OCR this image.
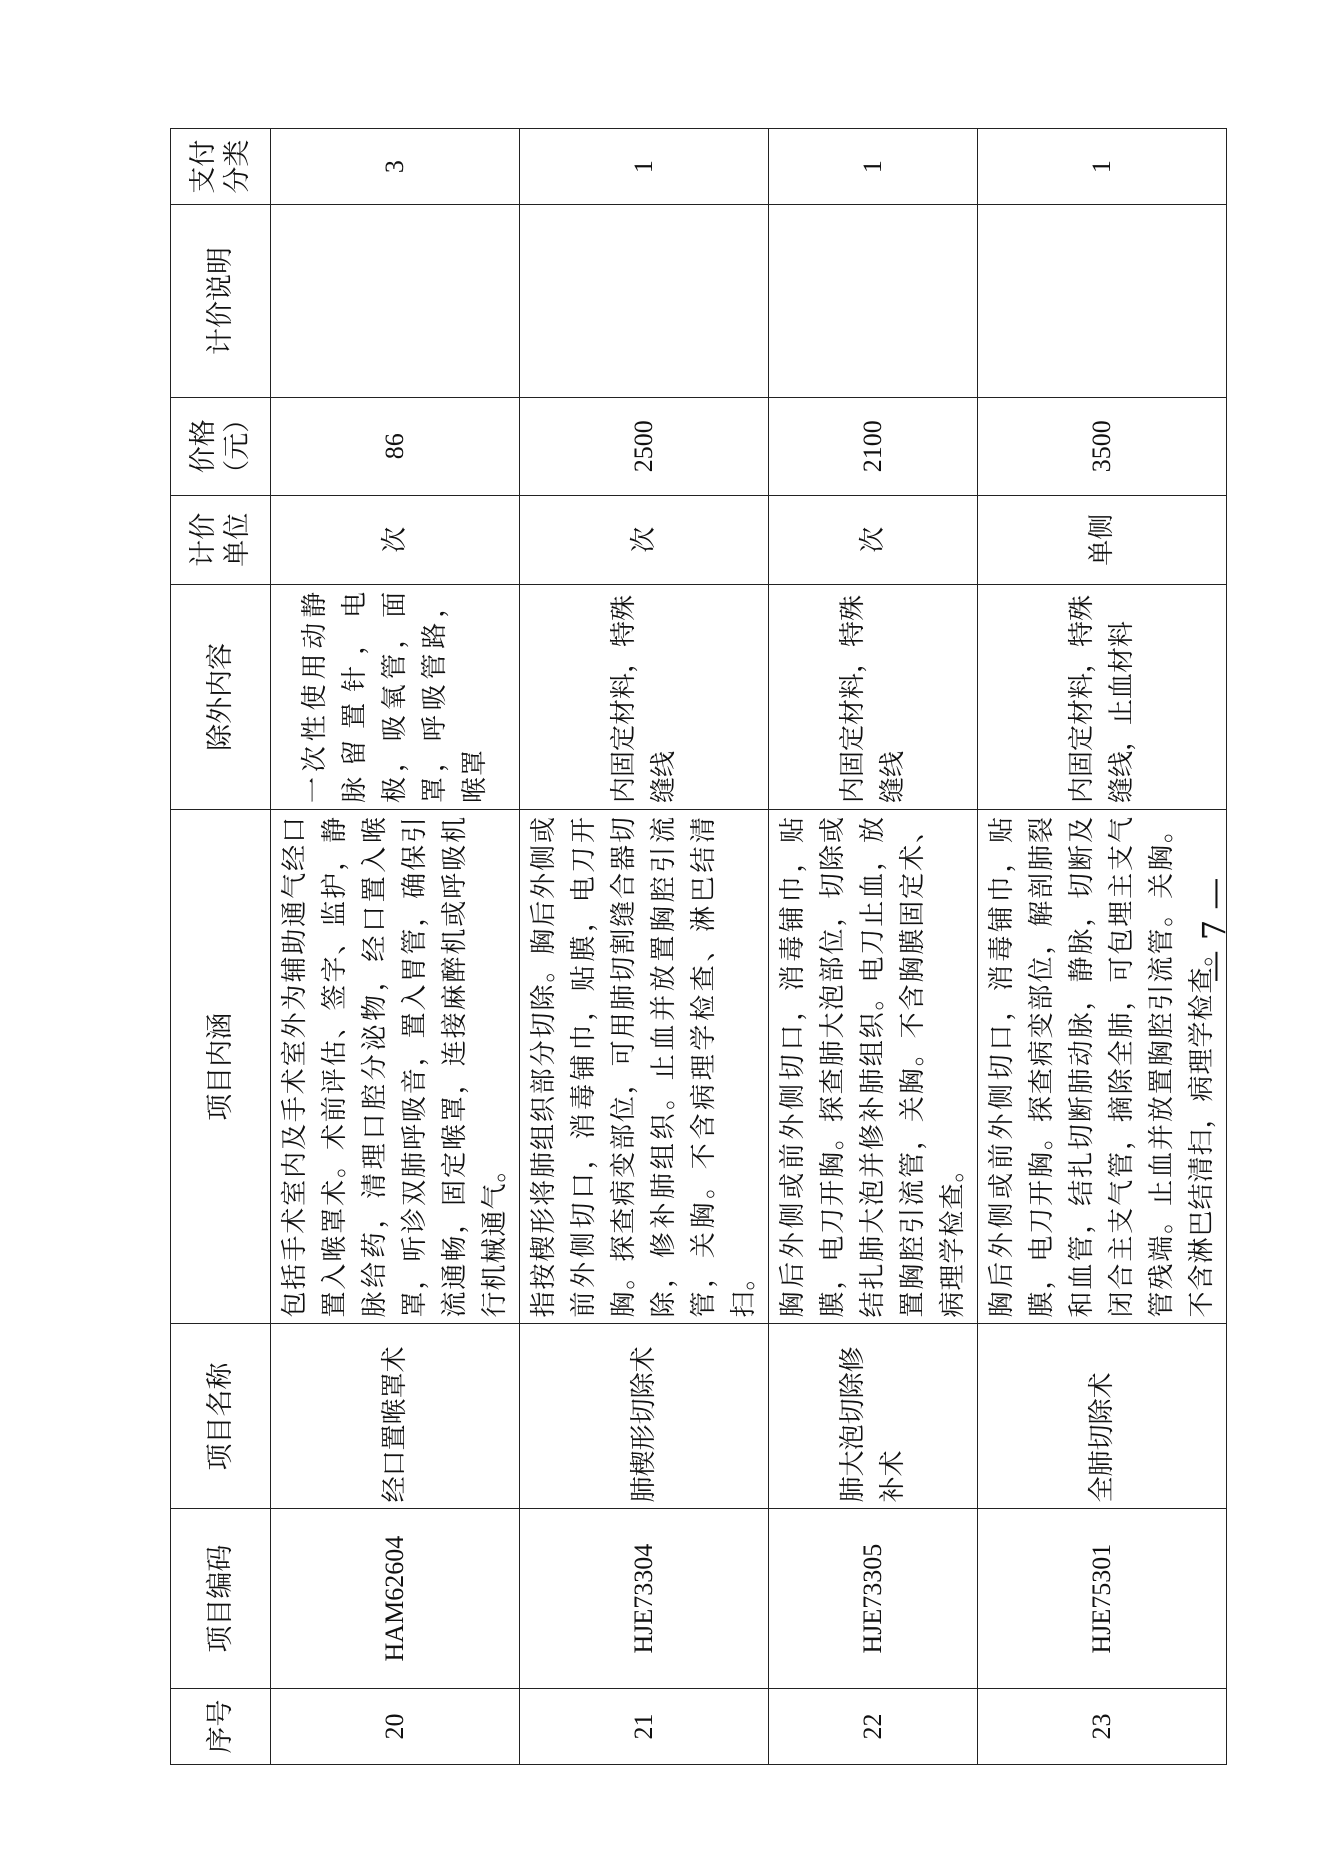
序号	项目编码	项目名称	项目内涵	除外内容	计价单位	价格（元）	计价说明	支付分类
20	HAM62604	经口置喉罩术	包括手术室内及手术室外为辅助通气经口置入喉罩术。术前评估、签字、监护，静脉给药，清理口腔分泌物，经口置入喉罩，听诊双肺呼吸音，置入胃管，确保引流通畅，固定喉罩，连接麻醉机或呼吸机行机械通气。	一次性使用动静脉留置针，电极，吸氧管，面罩，呼吸管路，喉罩	次	86		3
21	HJE73304	肺楔形切除术	指按楔形将肺组织部分切除。胸后外侧或前外侧切口，消毒铺巾，贴膜，电刀开胸。探查病变部位，可用肺切割缝合器切除，修补肺组织。止血并放置胸腔引流管，关胸。不含病理学检查、淋巴结清扫。	内固定材料，特殊缝线	次	2500		1
22	HJE73305	肺大泡切除修补术	胸后外侧或前外侧切口，消毒铺巾，贴膜，电刀开胸。探查肺大泡部位，切除或结扎肺大泡并修补肺组织。电刀止血，放置胸腔引流管，关胸。不含胸膜固定术、病理学检查。	内固定材料，特殊缝线	次	2100		1
23	HJE75301	全肺切除术	胸后外侧或前外侧切口，消毒铺巾，贴膜，电刀开胸。探查病变部位，解剖肺裂和血管，结扎切断肺动脉，静脉，切断及闭合主支气管，摘除全肺，可包埋主支气管残端。止血并放置胸腔引流管。关胸。不含淋巴结清扫，病理学检查。	内固定材料，特殊缝线，止血材料	单侧	3500		1
— 7 —
